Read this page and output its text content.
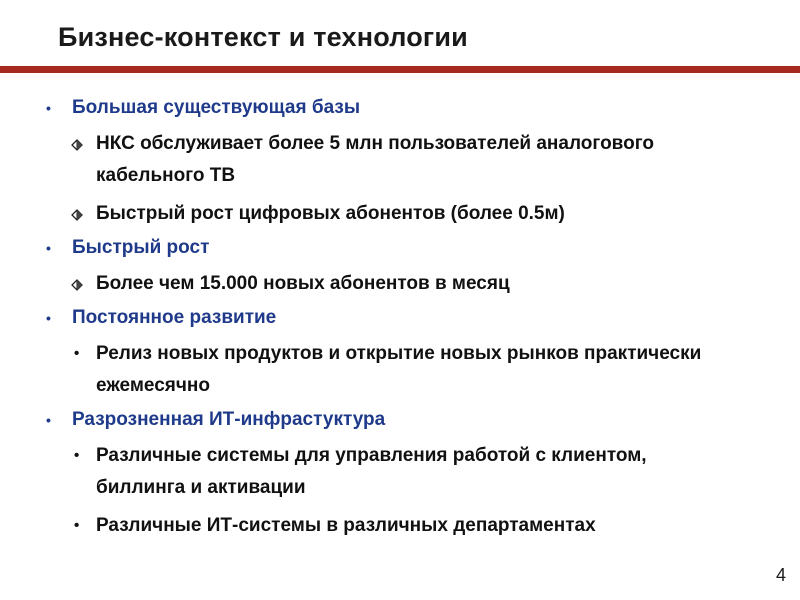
Бизнес-контекст и технологии
• Большая существующая базы
НКС обслуживает более 5 млн пользователей аналогового кабельного ТВ
Быстрый рост цифровых абонентов (более 0.5м)
• Быстрый рост
Более чем 15.000 новых абонентов в месяц
• Постоянное развитие
• Релиз новых продуктов и открытие новых рынков практически ежемесячно
• Разрозненная ИТ-инфрастуктура
• Различные системы для управления работой с клиентом, биллинга и активации
• Различные ИТ-системы в различных департаментах
4
